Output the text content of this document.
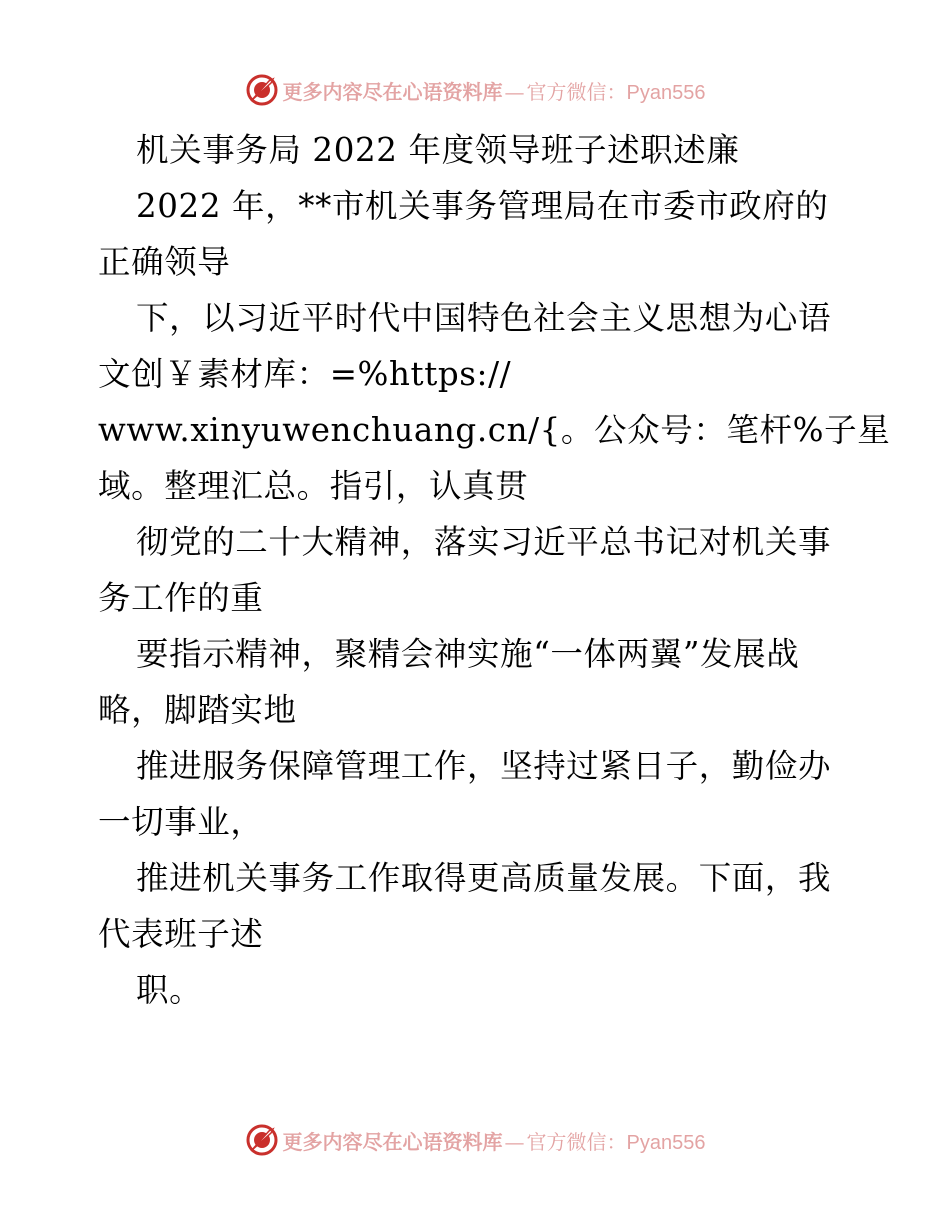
更多内容尽在心语资料库 — 官方微信：Pyan556
机关事务局 2022 年度领导班子述职述廉
2022 年，**市机关事务管理局在市委市政府的
正确领导
下，以习近平时代中国特色社会主义思想为心语
文创￥素材库：=%https://
www.xinyuwenchuang.cn/{。公众号：笔杆%子星
域。整理汇总。指引，认真贯
彻党的二十大精神，落实习近平总书记对机关事
务工作的重
要指示精神，聚精会神实施“一体两翼”发展战
略，脚踏实地
推进服务保障管理工作，坚持过紧日子，勤俭办
一切事业，
推进机关事务工作取得更高质量发展。下面，我
代表班子述
职。
更多内容尽在心语资料库 — 官方微信：Pyan556
